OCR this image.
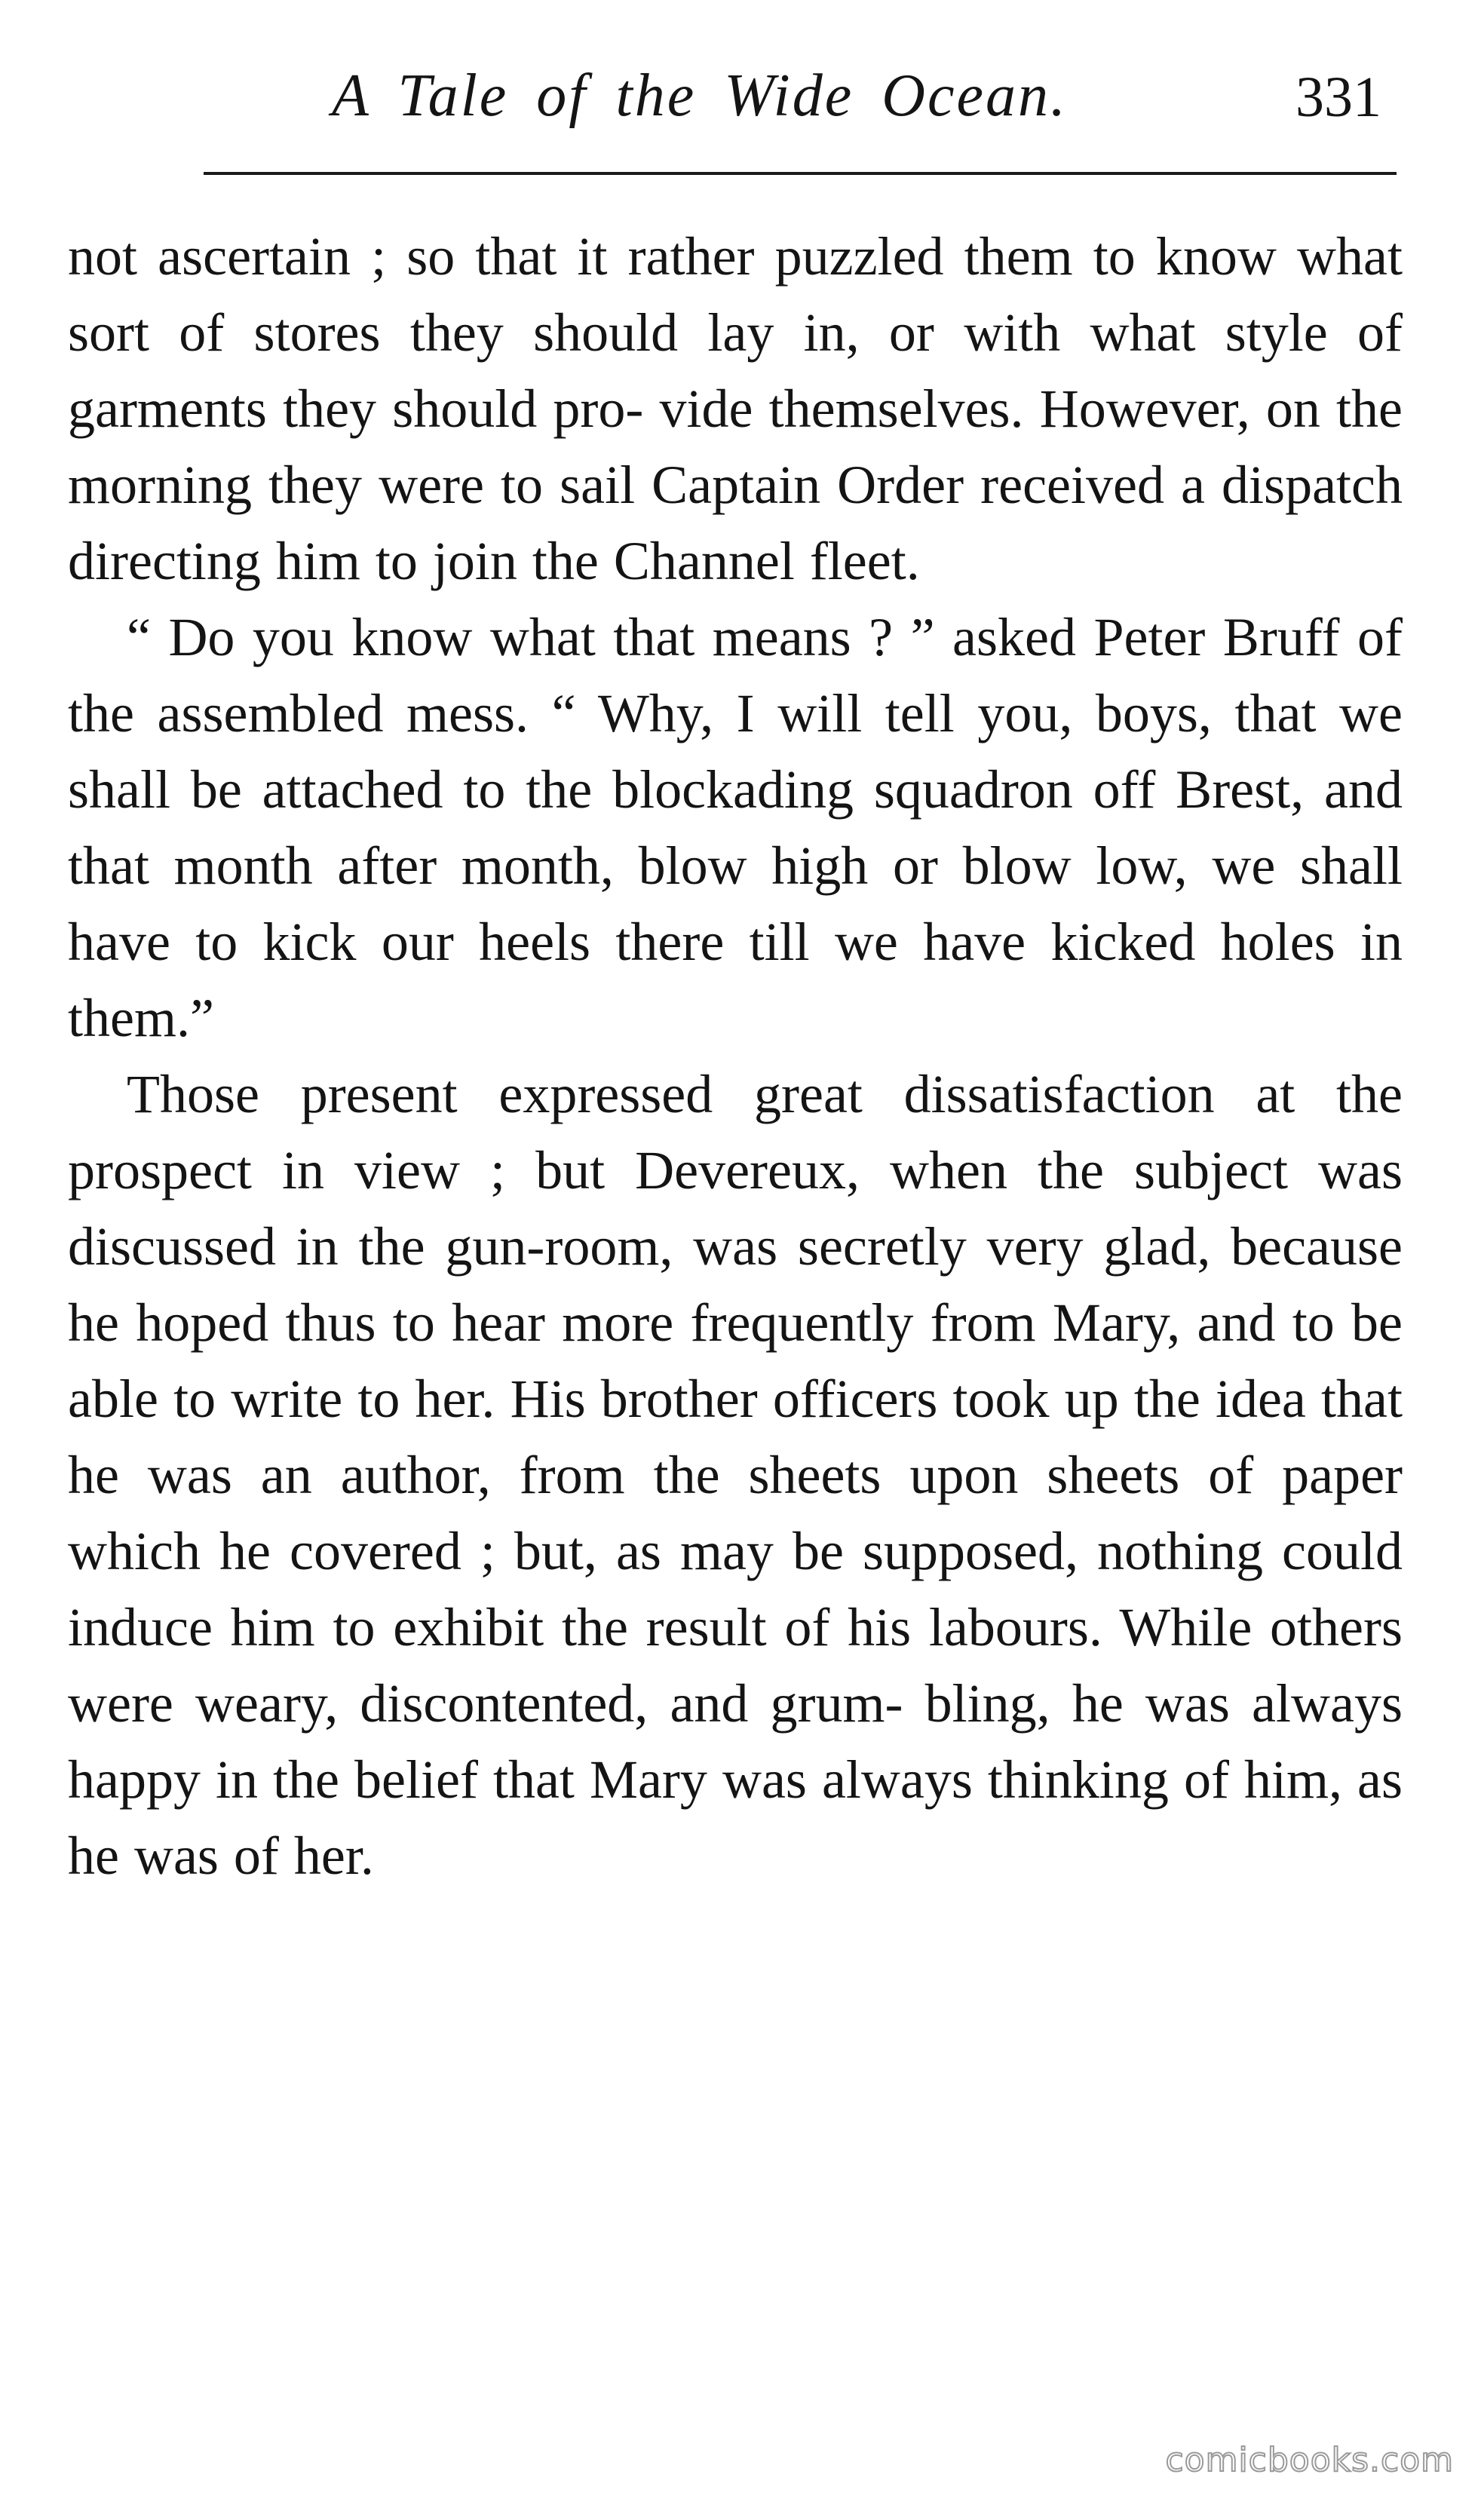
A Tale of the Wide Ocean.	331

not ascertain ; so that it rather puzzled them to know what sort of stores they should lay in, or with what style of garments they should pro- vide themselves. However, on the morning they were to sail Captain Order received a dispatch directing him to join the Channel fleet.

“ Do you know what that means ? ” asked Peter Bruff of the assembled mess. “ Why, I will tell you, boys, that we shall be attached to the blockading squadron off Brest, and that month after month, blow high or blow low, we shall have to kick our heels there till we have kicked holes in them.”

Those present expressed great dissatisfaction at the prospect in view ; but Devereux, when the subject was discussed in the gun-room, was secretly very glad, because he hoped thus to hear more frequently from Mary, and to be able to write to her. His brother officers took up the idea that he was an author, from the sheets upon sheets of paper which he covered ; but, as may be supposed, nothing could induce him to exhibit the result of his labours. While others were weary, discontented, and grum- bling, he was always happy in the belief that Mary was always thinking of him, as he was of her.

comicbooks.com
